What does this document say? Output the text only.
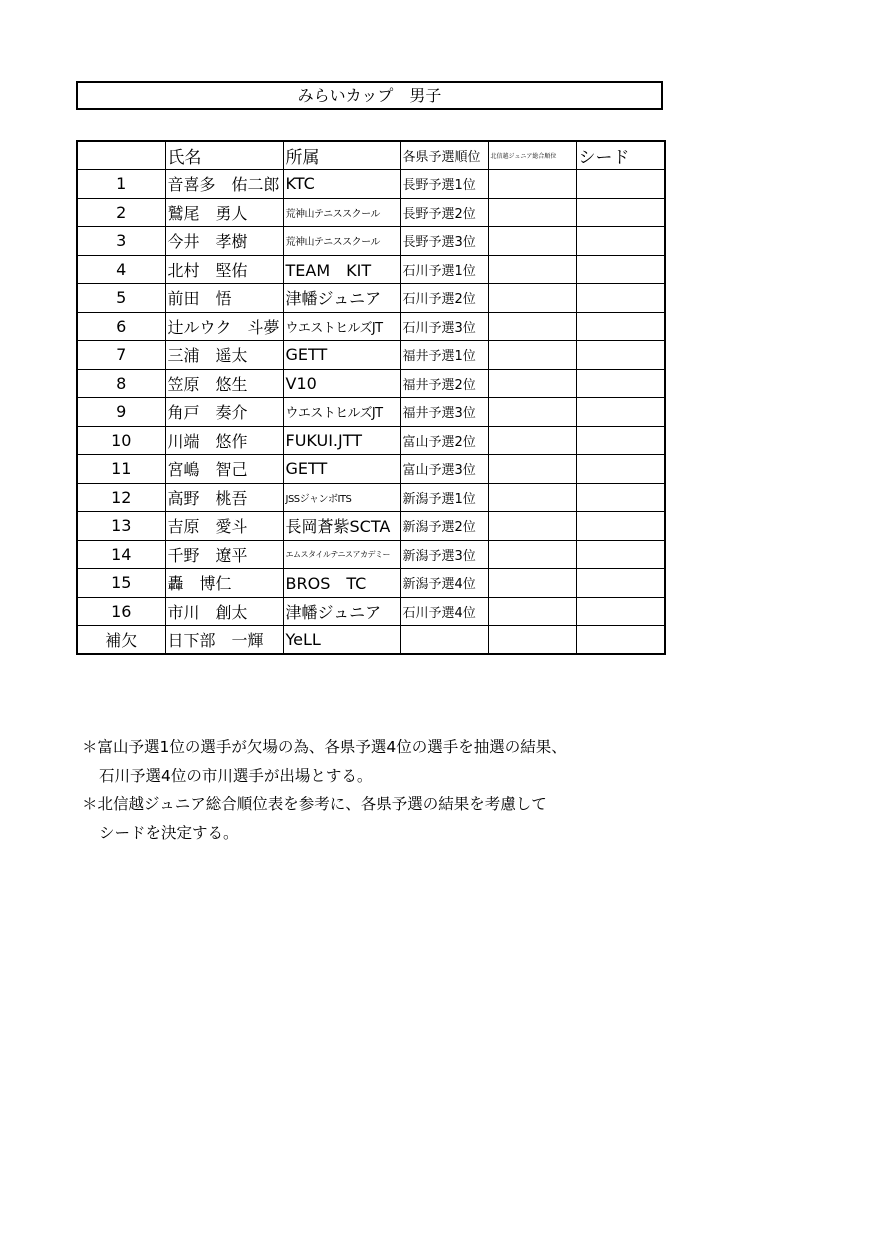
みらいカップ　男子
	氏名	所属	各県予選順位	北信越ジュニア総合順位	シード
1	音喜多　佑二郎	KTC	長野予選1位		
2	鷲尾　勇人	荒神山テニススクール	長野予選2位		
3	今井　孝樹	荒神山テニススクール	長野予選3位		
4	北村　堅佑	TEAM　KIT	石川予選1位		
5	前田　悟	津幡ジュニア	石川予選2位		
6	辻ルウク　斗夢	ウエストヒルズJT	石川予選3位		
7	三浦　遥太	GETT	福井予選1位		
8	笠原　悠生	V10	福井予選2位		
9	角戸　奏介	ウエストヒルズJT	福井予選3位		
10	川端　悠作	FUKUI.JTT	富山予選2位		
11	宮嶋　智己	GETT	富山予選3位		
12	高野　桃吾	JSSジャンボITS	新潟予選1位		
13	吉原　愛斗	長岡蒼紫SCTA	新潟予選2位		
14	千野　遼平	エムスタイルテニスアカデミー	新潟予選3位		
15	轟　博仁	BROS　TC	新潟予選4位		
16	市川　創太	津幡ジュニア	石川予選4位		
補欠	日下部　一輝	YeLL			
＊富山予選1位の選手が欠場の為、各県予選4位の選手を抽選の結果、
石川予選4位の市川選手が出場とする。
＊北信越ジュニア総合順位表を参考に、各県予選の結果を考慮して
シードを決定する。
